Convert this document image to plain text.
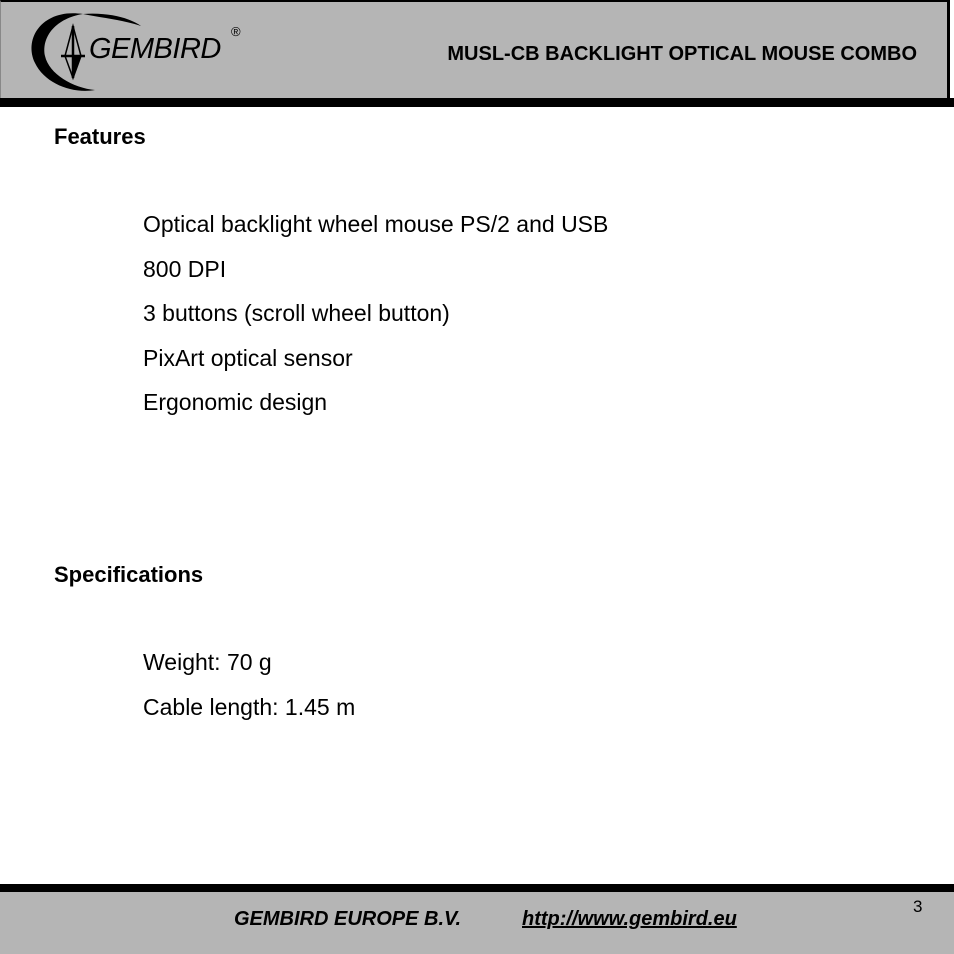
GEMBIRD
®
MUSL-CB BACKLIGHT OPTICAL MOUSE COMBO
Features
Optical backlight wheel mouse PS/2 and USB
800 DPI
3 buttons (scroll wheel button)
PixArt optical sensor
Ergonomic design
Specifications
Weight: 70 g
Cable length: 1.45 m
GEMBIRD EUROPE B.V.	http://www.gembird.eu
3
